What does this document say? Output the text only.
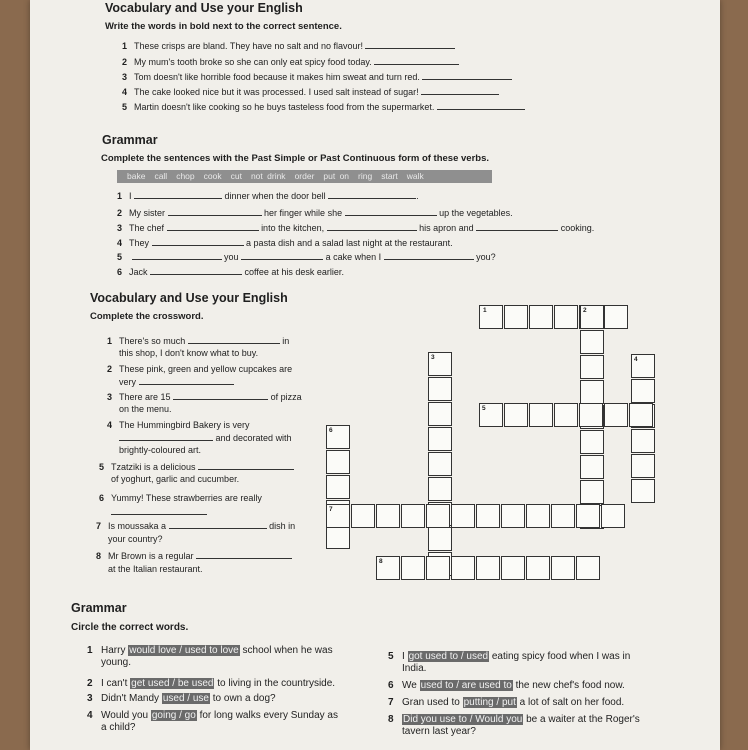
Vocabulary and Use your English
Write the words in bold next to the correct sentence.
1 These crisps are bland. They have no salt and no flavour!
2 My mum's tooth broke so she can only eat spicy food today.
3 Tom doesn't like horrible food because it makes him sweat and turn red.
4 The cake looked nice but it was processed. I used salt instead of sugar!
5 Martin doesn't like cooking so he buys tasteless food from the supermarket.
Grammar
Complete the sentences with the Past Simple or Past Continuous form of these verbs.
bake call chop cook cut not drink order put on ring start walk
1 I	dinner when the door bell	.
2 My sister	her finger while she	up the vegetables.
3 The chef	into the kitchen,	his apron and	cooking.
4 They	a pasta dish and a salad last night at the restaurant.
5	you	a cake when I	you?
6 Jack	coffee at his desk earlier.
Vocabulary and Use your English
Complete the crossword.
1 There's so much	in
this shop, I don't know what to buy.
2 These pink, green and yellow cupcakes are
very
3 There are 15	of pizza
on the menu.
4 The Hummingbird Bakery is very
and decorated with
brightly-coloured art.
5 Tzatziki is a delicious
of yoghurt, garlic and cucumber.
6 Yummy! These strawberries are really

7 Is moussaka a	dish in
your country?
8 Mr Brown is a regular
at the Italian restaurant.
1	2
3	4
5
6
7
8
Grammar
Circle the correct words.
1 Harry would love / used to love school when he was
young.
2 I can't get used / be used to living in the countryside.
3 Didn't Mandy used / use to own a dog?
4 Would you going / go for long walks every Sunday as
a child?
5 I got used to / used eating spicy food when I was in
India.
6 We used to / are used to the new chef's food now.
7 Gran used to putting / put a lot of salt on her food.
8 Did you use to / Would you be a waiter at the Roger's
tavern last year?
